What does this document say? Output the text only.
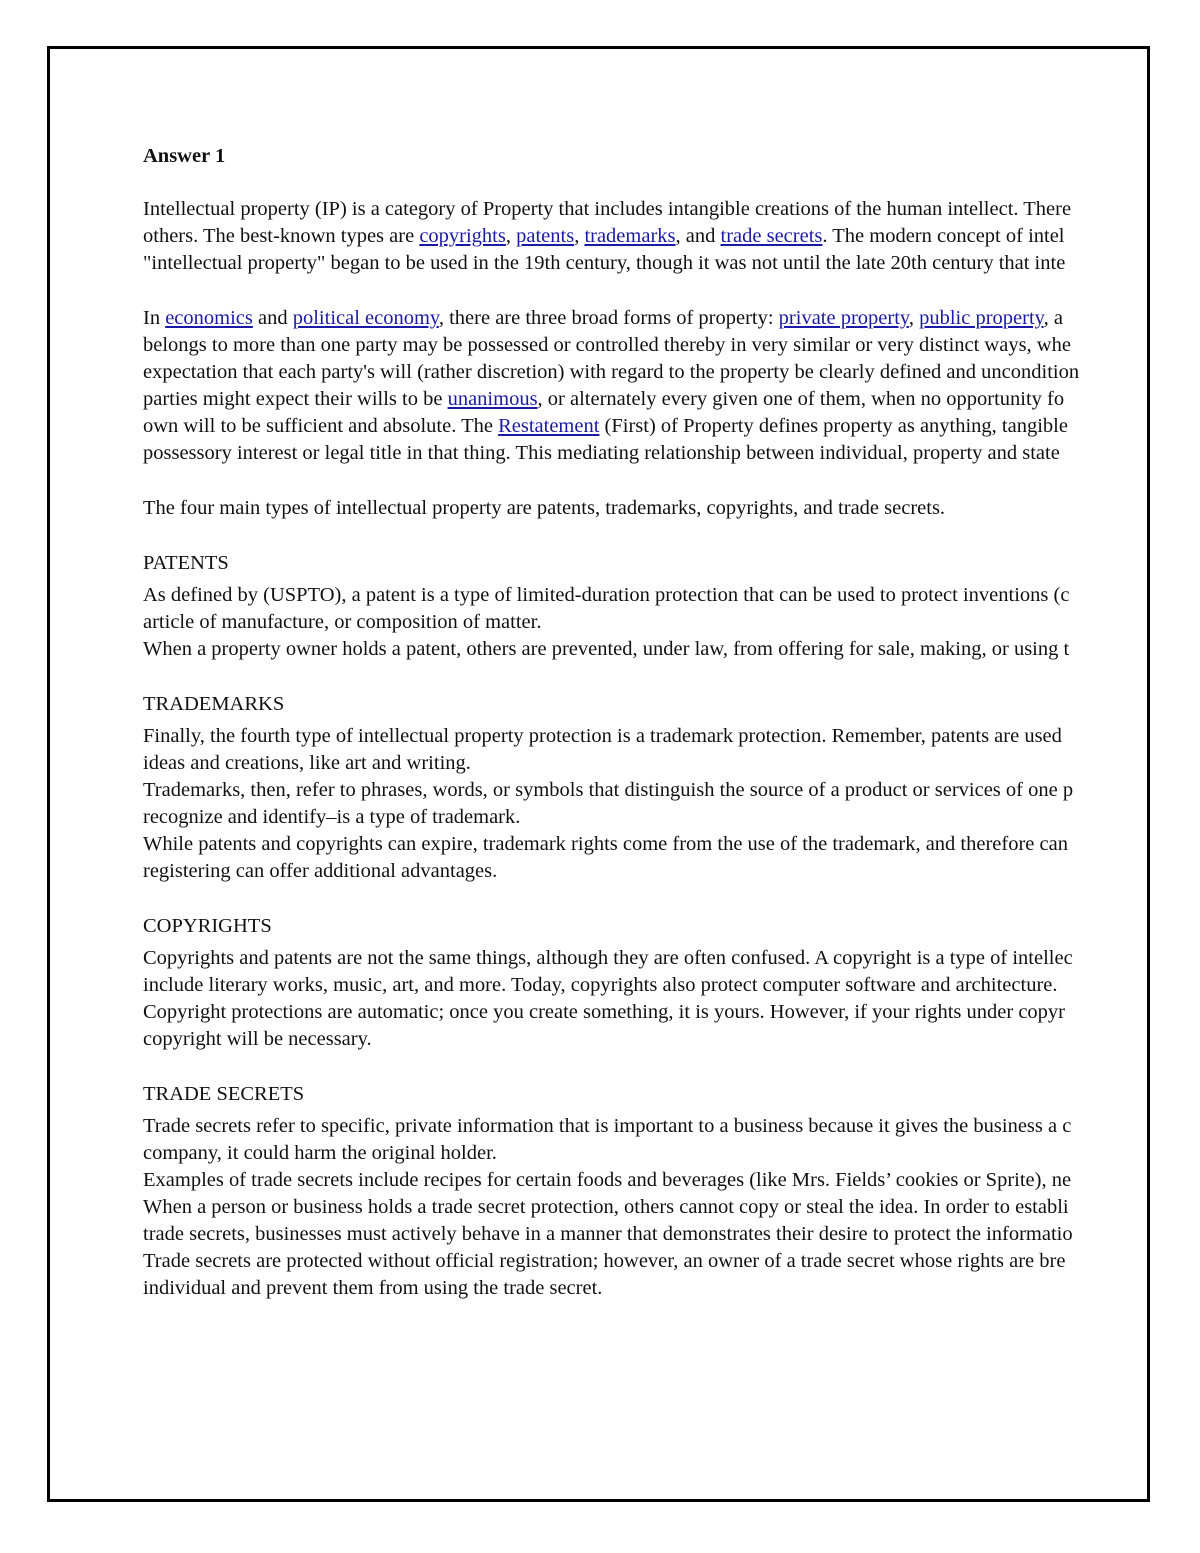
Answer 1
Intellectual property (IP) is a category of Property that includes intangible creations of the human intellect. There
others. The best-known types are copyrights, patents, trademarks, and trade secrets. The modern concept of intel
"intellectual property" began to be used in the 19th century, though it was not until the late 20th century that inte
In economics and political economy, there are three broad forms of property: private property, public property, a
belongs to more than one party may be possessed or controlled thereby in very similar or very distinct ways, whe
expectation that each party's will (rather discretion) with regard to the property be clearly defined and uncondition
parties might expect their wills to be unanimous, or alternately every given one of them, when no opportunity fo
own will to be sufficient and absolute. The Restatement (First) of Property defines property as anything, tangible
possessory interest or legal title in that thing. This mediating relationship between individual, property and state
The four main types of intellectual property are patents, trademarks, copyrights, and trade secrets.
PATENTS
As defined by (USPTO), a patent is a type of limited-duration protection that can be used to protect inventions (c
article of manufacture, or composition of matter.
When a property owner holds a patent, others are prevented, under law, from offering for sale, making, or using t
TRADEMARKS
Finally, the fourth type of intellectual property protection is a trademark protection. Remember, patents are used
ideas and creations, like art and writing.
Trademarks, then, refer to phrases, words, or symbols that distinguish the source of a product or services of one p
recognize and identify–is a type of trademark.
While patents and copyrights can expire, trademark rights come from the use of the trademark, and therefore can
registering can offer additional advantages.
COPYRIGHTS
Copyrights and patents are not the same things, although they are often confused. A copyright is a type of intellec
include literary works, music, art, and more. Today, copyrights also protect computer software and architecture.
Copyright protections are automatic; once you create something, it is yours. However, if your rights under copyr
copyright will be necessary.
TRADE SECRETS
Trade secrets refer to specific, private information that is important to a business because it gives the business a c
company, it could harm the original holder.
Examples of trade secrets include recipes for certain foods and beverages (like Mrs. Fields’ cookies or Sprite), ne
When a person or business holds a trade secret protection, others cannot copy or steal the idea. In order to establi
trade secrets, businesses must actively behave in a manner that demonstrates their desire to protect the informatio
Trade secrets are protected without official registration; however, an owner of a trade secret whose rights are bre
individual and prevent them from using the trade secret.
